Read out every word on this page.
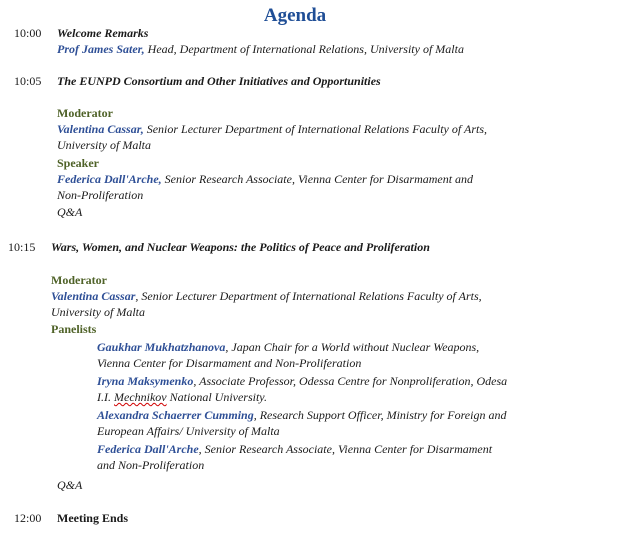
Agenda
10:00 Welcome Remarks
Prof James Sater, Head, Department of International Relations, University of Malta
10:05 The EUNPD Consortium and Other Initiatives and Opportunities
Moderator
Valentina Cassar, Senior Lecturer Department of International Relations Faculty of Arts,
University of Malta
Speaker
Federica Dall'Arche, Senior Research Associate, Vienna Center for Disarmament and
Non-Proliferation
Q&A
10:15 Wars, Women, and Nuclear Weapons: the Politics of Peace and Proliferation
Moderator
Valentina Cassar, Senior Lecturer Department of International Relations Faculty of Arts,
University of Malta
Panelists
Gaukhar Mukhatzhanova, Japan Chair for a World without Nuclear Weapons,
Vienna Center for Disarmament and Non-Proliferation
Iryna Maksymenko, Associate Professor, Odessa Centre for Nonproliferation, Odesa
I.I. Mechnikov National University.
Alexandra Schaerrer Cumming, Research Support Officer, Ministry for Foreign and
European Affairs/ University of Malta
Federica Dall'Arche, Senior Research Associate, Vienna Center for Disarmament
and Non-Proliferation
Q&A
12:00 Meeting Ends
